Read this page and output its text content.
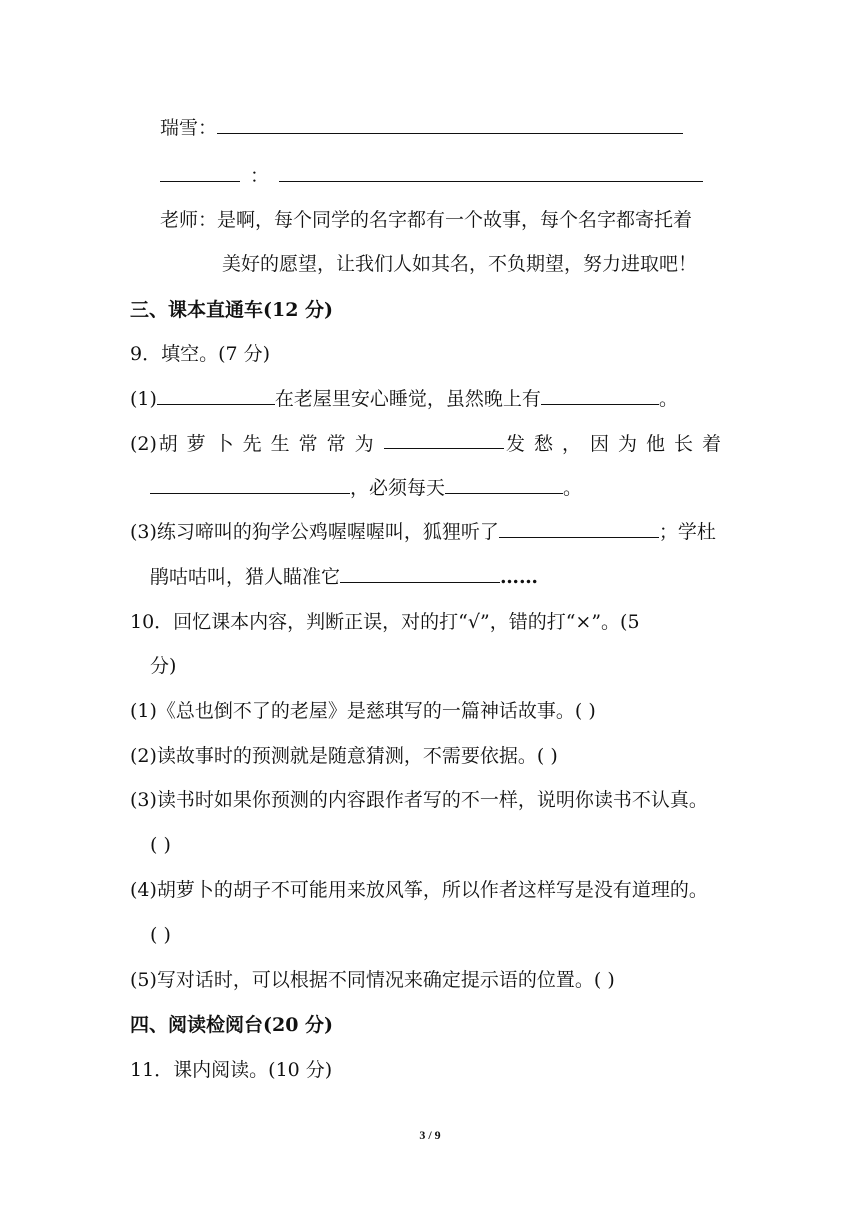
瑞雪：
：
老师：是啊，每个同学的名字都有一个故事，每个名字都寄托着
美好的愿望，让我们人如其名，不负期望，努力进取吧！
三、课本直通车(12 分)
9．填空。(7 分)
(1)	在老屋里安心睡觉，虽然晚上有	。
(2) 胡萝卜先生常常为	发愁，因为他长着
，必须每天	。
(3)练习啼叫的狗学公鸡喔喔喔叫，狐狸听了	；学杜
鹃咕咕叫，猎人瞄准它	……
10．回忆课本内容，判断正误，对的打“√”，错的打“×”。(5
分)
(1)《总也倒不了的老屋》是慈琪写的一篇神话故事。( )
(2)读故事时的预测就是随意猜测，不需要依据。( )
(3)读书时如果你预测的内容跟作者写的不一样，说明你读书不认真。
( )
(4)胡萝卜的胡子不可能用来放风筝，所以作者这样写是没有道理的。
( )
(5)写对话时，可以根据不同情况来确定提示语的位置。( )
四、阅读检阅台(20 分)
11．课内阅读。(10 分)
3 / 9
